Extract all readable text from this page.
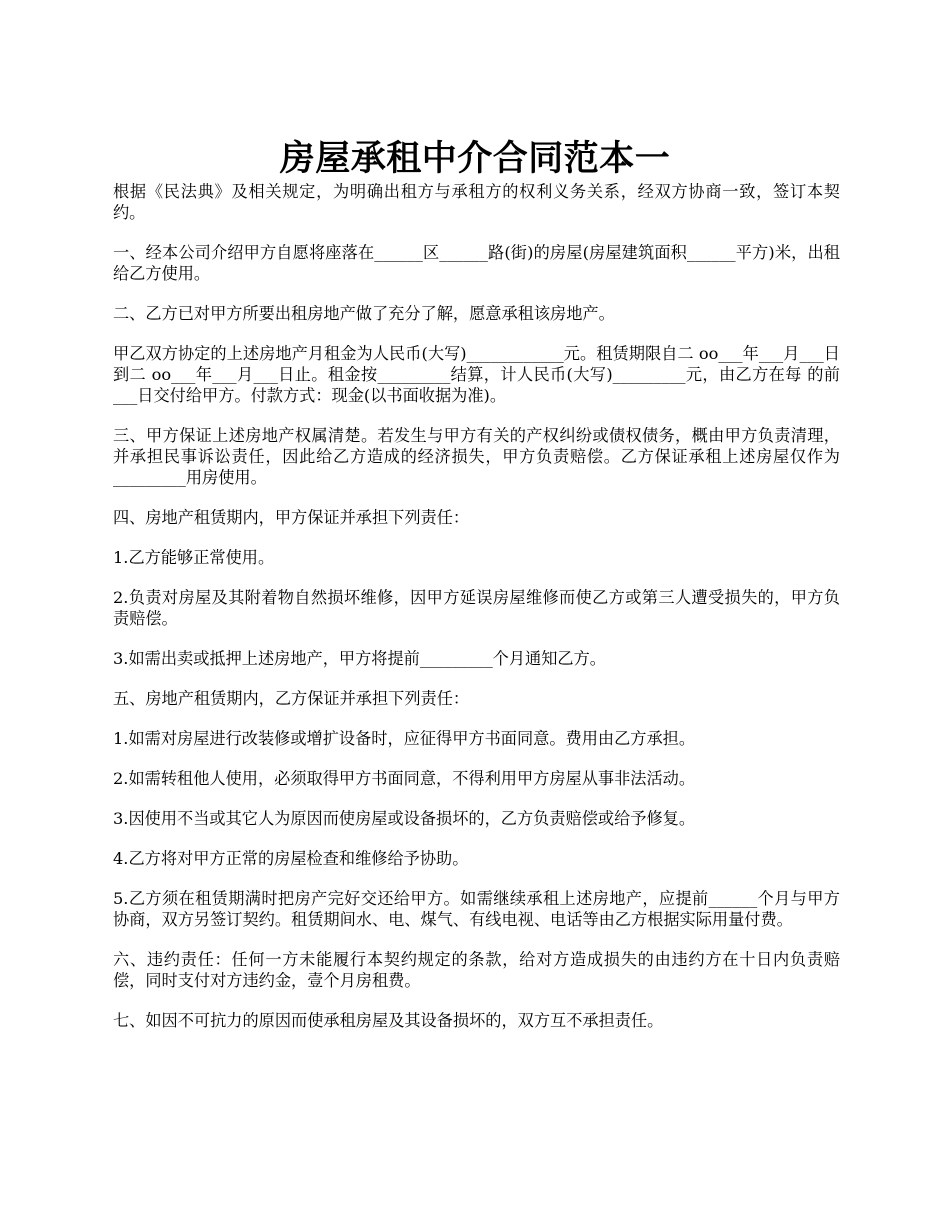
房屋承租中介合同范本一

根据《民法典》及相关规定，为明确出租方与承租方的权利义务关系，经双方协商一致，签订本契约。

一、经本公司介绍甲方自愿将座落在______区______路(街)的房屋(房屋建筑面积______平方)米，出租给乙方使用。

二、乙方已对甲方所要出租房地产做了充分了解，愿意承租该房地产。

甲乙双方协定的上述房地产月租金为人民币(大写)____________元。租赁期限自二 oo___年___月___日到二 oo___年___月___日止。租金按_________结算，计人民币(大写)_________元，由乙方在每 的前___日交付给甲方。付款方式：现金(以书面收据为准)。

三、甲方保证上述房地产权属清楚。若发生与甲方有关的产权纠纷或债权债务，概由甲方负责清理，并承担民事诉讼责任，因此给乙方造成的经济损失，甲方负责赔偿。乙方保证承租上述房屋仅作为_________用房使用。

四、房地产租赁期内，甲方保证并承担下列责任：

1.乙方能够正常使用。

2.负责对房屋及其附着物自然损坏维修，因甲方延误房屋维修而使乙方或第三人遭受损失的，甲方负责赔偿。

3.如需出卖或抵押上述房地产，甲方将提前_________个月通知乙方。

五、房地产租赁期内，乙方保证并承担下列责任：

1.如需对房屋进行改装修或增扩设备时，应征得甲方书面同意。费用由乙方承担。

2.如需转租他人使用，必须取得甲方书面同意，不得利用甲方房屋从事非法活动。

3.因使用不当或其它人为原因而使房屋或设备损坏的，乙方负责赔偿或给予修复。

4.乙方将对甲方正常的房屋检查和维修给予协助。

5.乙方须在租赁期满时把房产完好交还给甲方。如需继续承租上述房地产，应提前______个月与甲方协商，双方另签订契约。租赁期间水、电、煤气、有线电视、电话等由乙方根据实际用量付费。

六、违约责任：任何一方未能履行本契约规定的条款，给对方造成损失的由违约方在十日内负责赔偿，同时支付对方违约金，壹个月房租费。

七、如因不可抗力的原因而使承租房屋及其设备损坏的，双方互不承担责任。
